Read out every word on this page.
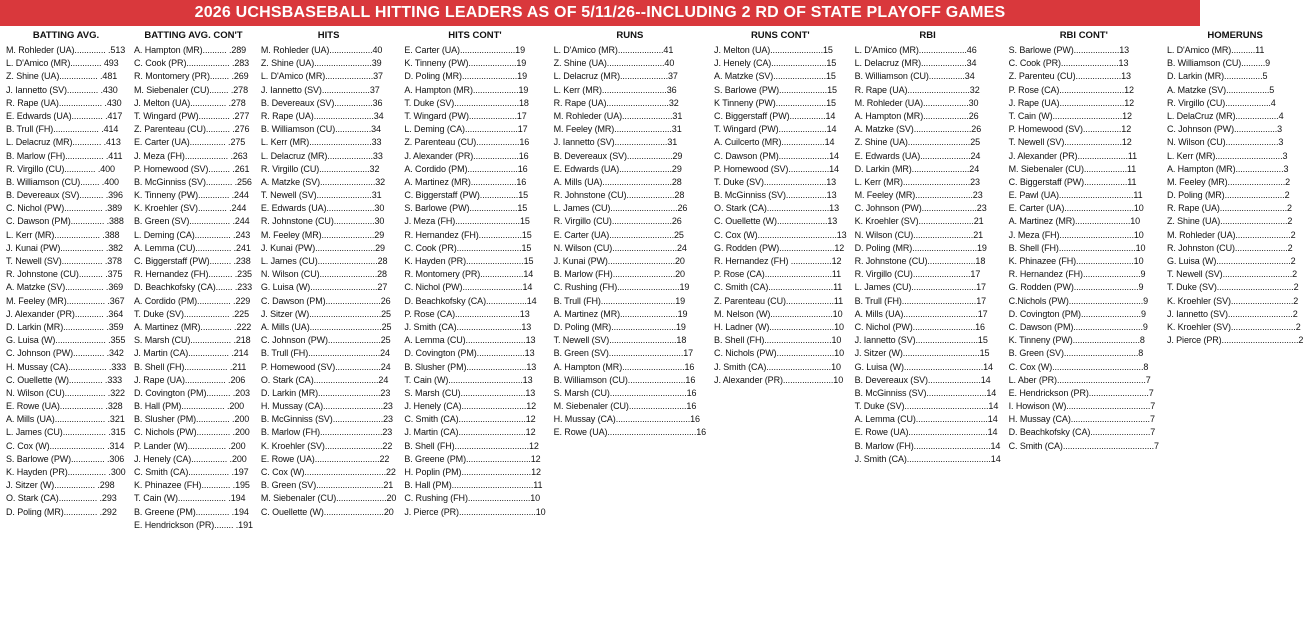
2026 UCHSBASEBALL HITTING LEADERS AS OF 5/11/26--INCLUDING 2 RD OF STATE PLAYOFF GAMES
BATTING AVG.
M. Rohleder (UA)............. .513
L. D'Amico (MR)............. 493
Z. Shine (UA)................ .481
J. Iannetto (SV)............. .430
R. Rape (UA).................. .430
E. Edwards (UA)............. .417
B. Trull (FH)................... .414
L. Delacruz (MR)............ .413
B. Marlow (FH)................ .411
R. Virgillo (CU)............. .400
B. Williamson (CU)........ .400
B. Devereaux (SV).......... .396
C. Nichol (PW)................ .389
C. Dawson (PM).............. .388
L. Kerr (MR)................... .388
J. Kunai (PW).................. .382
T. Newell (SV)................. .378
R. Johnstone (CU).......... .375
A. Matzke (SV)................ .369
M. Feeley (MR)................ .367
J. Alexander (PR)............ .364
D. Larkin (MR)................. .359
G. Luisa (W)..................... .355
C. Johnson (PW)............. .342
H. Mussay (CA)................ .333
C. Ouellette (W).............. .333
N. Wilson (CU)................. .322
E. Rowe (UA).................. .328
A. Mills (UA)..................... .321
L. James (CU).................. .315
C. Cox (W)....................... .314
S. Barlowe (PW).............. .306
K. Hayden (PR)................ .300
J. Sitzer (W)................. .298
O. Stark (CA)................ .293
D. Poling (MR).............. .292
BATTING AVG. CON'T
A. Hampton (MR).......... .289
C. Cook (PR).................. .283
R. Montomery (PR)........ .269
M. Siebenaler (CU)........ .278
J. Melton (UA)............... .278
T. Wingard (PW)............. .277
Z. Parenteau (CU).......... .276
E. Carter (UA)............... .275
J. Meza (FH).................. .263
P. Homewood (SV)......... .261
B. McGinniss (SV)........... .256
K. Tinneny (PW)............. .244
K. Kroehler (SV)............ .244
B. Green (SV)................. .244
L. Deming (CA)............... .243
A. Lemma (CU)............... .241
C. Biggerstaff (PW)......... .238
R. Hernandez (FH).......... .235
D. Beachkofsky (CA)....... .233
A. Cordido (PM).............. .229
T. Duke (SV)................... .225
A. Martinez (MR)............. .222
S. Marsh (CU)................. .218
J. Martin (CA)................. .214
B. Shell (FH).................. .211
J. Rape (UA)................. .206
D. Covington (PM).......... .203
B. Hall (PM).................. .200
B. Slusher (PM).............. .200
C. Nichols (PW).............. .200
P. Lander (W)................ .200
J. Henely (CA)............... .200
C. Smith (CA)................. .197
K. Phinazee (FH)............ .195
T. Cain (W).................... .194
B. Greene (PM).............. .194
E. Hendrickson (PR)........ .191
HITS
M. Rohleder (UA)..................40
Z. Shine (UA)........................39
L. D'Amico (MR)....................37
J. Iannetto (SV)....................37
B. Devereaux (SV)................36
R. Rape (UA).........................34
B. Williamson (CU)...............34
L. Kerr (MR)..........................33
L. Delacruz (MR)...................33
R. Virgillo (CU).....................32
A. Matzke (SV).......................32
T. Newell (SV).......................31
E. Edwards (UA)....................30
R. Johnstone (CU).................30
M. Feeley (MR)......................29
J. Kunai (PW).........................29
L. James (CU).........................28
N. Wilson (CU)........................28
G. Luisa (W)............................27
C. Dawson (PM).......................26
J. Sitzer (W)..............................25
A. Mills (UA)..............................25
C. Johnson (PW)......................25
B. Trull (FH)..............................24
P. Homewood (SV)...................24
O. Stark (CA)...........................24
D. Larkin (MR)..........................23
H. Mussay (CA).........................23
B. McGinniss (SV).....................23
B. Marlow (FH)..........................23
K. Kroehler (SV)........................22
E. Rowe (UA)...........................22
C. Cox (W)..................................22
B. Green (SV)............................21
M. Siebenaler (CU).....................20
C. Ouellette (W).........................20
HITS CONT'
E. Carter (UA).......................19
K. Tinneny (PW)....................19
D. Poling (MR).......................19
A. Hampton (MR)...................19
T. Duke (SV)...........................18
T. Wingard (PW)....................17
L. Deming (CA)......................17
Z. Parenteau (CU)..................16
J. Alexander (PR)...................16
A. Cordido (PM).....................16
A. Martinez (MR)...................16
C. Biggerstaff (PW)................15
S. Barlowe (PW)....................15
J. Meza (FH)...........................15
R. Hernandez (FH)..................15
C. Cook (PR)...........................15
K. Hayden (PR)........................15
R. Montomery (PR)..................14
C. Nichol (PW).........................14
D. Beachkofsky (CA).................14
P. Rose (CA)...........................13
J. Smith (CA)...........................13
A. Lemma (CU).........................13
D. Covington (PM)....................13
B. Slusher (PM).........................13
T. Cain (W)...............................13
S. Marsh (CU)...........................13
J. Henely (CA)...........................12
C. Smith (CA)............................12
J. Martin (CA)............................12
B. Shell (FH)...............................12
B. Greene (PM)...........................12
H. Poplin (PM).............................12
B. Hall (PM)..................................11
C. Rushing (FH)..........................10
J. Pierce (PR)................................10
RUNS
L. D'Amico (MR)...................41
Z. Shine (UA)........................40
L. Delacruz (MR)....................37
L. Kerr (MR)...........................36
R. Rape (UA)..........................32
M. Rohleder (UA).....................31
M. Feeley (MR)........................31
J. Iannetto (SV)......................31
B. Devereaux (SV)...................29
E. Edwards (UA)......................29
A. Mills (UA).............................28
R. Johnstone (CU)....................28
L. James (CU)............................26
R. Virgillo (CU).........................26
E. Carter (UA)...........................25
N. Wilson (CU)...........................24
J. Kunai (PW)............................20
B. Marlow (FH)..........................20
C. Rushing (FH)..........................19
B. Trull (FH)...............................19
A. Martinez (MR)........................19
D. Poling (MR)...........................19
T. Newell (SV)............................18
B. Green (SV)...............................17
A. Hampton (MR)..........................16
B. Williamson (CU)........................16
S. Marsh (CU)................................16
M. Siebenaler (CU)........................16
H. Mussay (CA)...............................16
E. Rowe (UA).....................................16
RUNS CONT'
J. Melton (UA)......................15
J. Henely (CA).......................15
A. Matzke (SV)......................15
S. Barlowe (PW)....................15
K Tinneny (PW).....................15
C. Biggerstaff (PW)...............14
T. Wingard (PW)....................14
A. Cuilcerto (MR)..................14
C. Dawson (PM).....................14
P. Homewood (SV).................14
T. Duke (SV)..........................13
B. McGinniss (SV).................13
O. Stark (CA)..........................13
C. Ouellette (W).....................13
C. Cox (W).................................13
G. Rodden (PW).......................12
R. Hernandez (FH) .................12
P. Rose (CA)............................11
C. Smith (CA)...........................11
Z. Parenteau (CU)....................11
M. Nelson (W)..........................10
H. Ladner (W)...........................10
B. Shell (FH)............................10
C. Nichols (PW)........................10
J. Smith (CA)...........................10
J. Alexander (PR).....................10
RBI
L. D'Amico (MR)....................46
L. Delacruz (MR)...................34
B. Williamson (CU)...............34
R. Rape (UA)..........................32
M. Rohleder (UA)...................30
A. Hampton (MR)...................26
A. Matzke (SV)........................26
Z. Shine (UA)..........................25
E. Edwards (UA).....................24
D. Larkin (MR)........................24
L. Kerr (MR)............................23
M. Feeley (MR)........................23
C. Johnson (PW).......................23
K. Kroehler (SV).......................21
N. Wilson (CU).........................21
D. Poling (MR)...........................19
R. Johnstone (CU)....................18
R. Virgillo (CU)........................17
L. James (CU)...........................17
B. Trull (FH)...............................17
A. Mills (UA)...............................17
C. Nichol (PW)..........................16
J. Iannetto (SV)..........................15
J. Sitzer (W)................................15
G. Luisa (W).................................14
B. Devereaux (SV)......................14
B. McGinniss (SV).........................14
T. Duke (SV)...................................14
A. Lemma (CU)..............................14
E. Rowe (UA).................................14
B. Marlow (FH)................................14
J. Smith (CA)...................................14
RBI CONT'
S. Barlowe (PW)...................13
C. Cook (PR)........................13
Z. Parenteu (CU)...................13
P. Rose (CA)...........................12
J. Rape (UA)...........................12
T. Cain (W).............................12
P. Homewood (SV)................12
T. Newell (SV)........................12
J. Alexander (PR).....................11
M. Siebenaler (CU)..................11
C. Biggerstaff (PW)..................11
E. Pawl (UA)...............................11
E. Carter (UA).............................10
A. Martinez (MR).......................10
J. Meza (FH)...............................10
B. Shell (FH)................................10
K. Phinazee (FH)........................10
R. Hernandez (FH)........................9
G. Rodden (PW)...........................9
C.Nichols (PW)...............................9
D. Covington (PM).........................9
C. Dawson (PM).............................9
K. Tinneny (PW)............................8
B. Green (SV)...............................8
C. Cox (W)......................................8
L. Aber (PR).....................................7
E. Hendrickson (PR).........................7
I. Howison (W)...................................7
H. Mussay (CA).................................7
D. Beachkofsky (CA).........................7
C. Smith (CA)......................................7
HOMERUNS
L. D'Amico (MR)..........11
B. Williamson (CU)..........9
D. Larkin (MR)................5
A. Matzke (SV)..................5
R. Virgillo (CU)...................4
L. DelaCruz (MR)..................4
C. Johnson (PW)..................3
N. Wilson (CU)......................3
L. Kerr (MR)............................3
A. Hampton (MR)....................3
M. Feeley (MR)........................2
D. Poling (MR).........................2
R. Rape (UA)............................2
Z. Shine (UA)............................2
M. Rohleder (UA).......................2
R. Johnston (CU)......................2
G. Luisa (W)...............................2
T. Newell (SV).............................2
T. Duke (SV)................................2
K. Kroehler (SV)..........................2
J. Iannetto (SV)...........................2
K. Kroehler (SV)...........................2
J. Pierce (PR)................................2
